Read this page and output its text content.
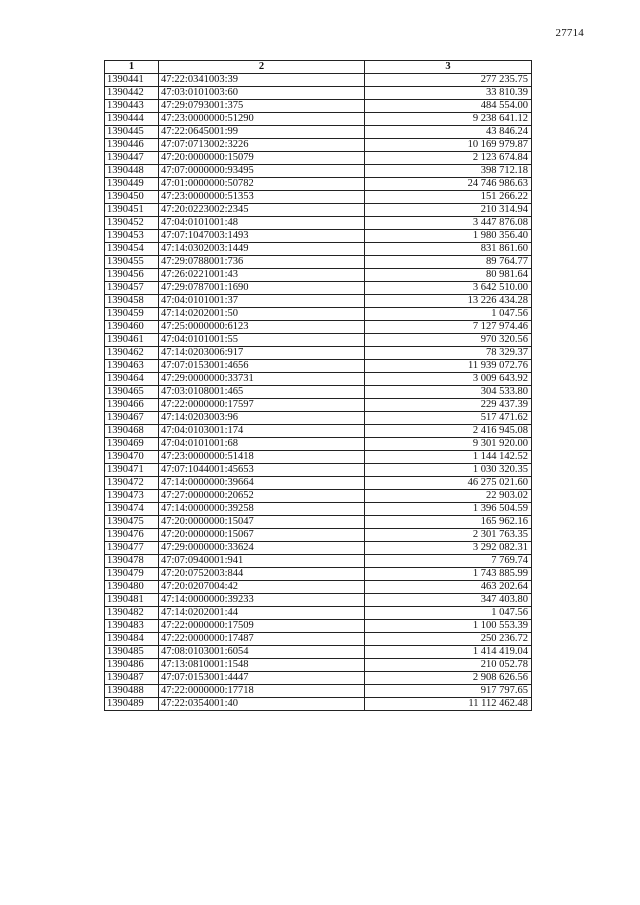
27714
1	2	3
1390441	47:22:0341003:39	277 235.75
1390442	47:03:0101003:60	33 810.39
1390443	47:29:0793001:375	484 554.00
1390444	47:23:0000000:51290	9 238 641.12
1390445	47:22:0645001:99	43 846.24
1390446	47:07:0713002:3226	10 169 979.87
1390447	47:20:0000000:15079	2 123 674.84
1390448	47:07:0000000:93495	398 712.18
1390449	47:01:0000000:50782	24 746 986.63
1390450	47:23:0000000:51353	151 266.22
1390451	47:20:0223002:2345	210 314.94
1390452	47:04:0101001:48	3 447 876.08
1390453	47:07:1047003:1493	1 980 356.40
1390454	47:14:0302003:1449	831 861.60
1390455	47:29:0788001:736	89 764.77
1390456	47:26:0221001:43	80 981.64
1390457	47:29:0787001:1690	3 642 510.00
1390458	47:04:0101001:37	13 226 434.28
1390459	47:14:0202001:50	1 047.56
1390460	47:25:0000000:6123	7 127 974.46
1390461	47:04:0101001:55	970 320.56
1390462	47:14:0203006:917	78 329.37
1390463	47:07:0153001:4656	11 939 072.76
1390464	47:29:0000000:33731	3 009 643.92
1390465	47:03:0108001:465	304 533.80
1390466	47:22:0000000:17597	229 437.39
1390467	47:14:0203003:96	517 471.62
1390468	47:04:0103001:174	2 416 945.08
1390469	47:04:0101001:68	9 301 920.00
1390470	47:23:0000000:51418	1 144 142.52
1390471	47:07:1044001:45653	1 030 320.35
1390472	47:14:0000000:39664	46 275 021.60
1390473	47:27:0000000:20652	22 903.02
1390474	47:14:0000000:39258	1 396 504.59
1390475	47:20:0000000:15047	165 962.16
1390476	47:20:0000000:15067	2 301 763.35
1390477	47:29:0000000:33624	3 292 082.31
1390478	47:07:0940001:941	7 769.74
1390479	47:20:0752003:844	1 743 885.99
1390480	47:20:0207004:42	463 202.64
1390481	47:14:0000000:39233	347 403.80
1390482	47:14:0202001:44	1 047.56
1390483	47:22:0000000:17509	1 100 553.39
1390484	47:22:0000000:17487	250 236.72
1390485	47:08:0103001:6054	1 414 419.04
1390486	47:13:0810001:1548	210 052.78
1390487	47:07:0153001:4447	2 908 626.56
1390488	47:22:0000000:17718	917 797.65
1390489	47:22:0354001:40	11 112 462.48
